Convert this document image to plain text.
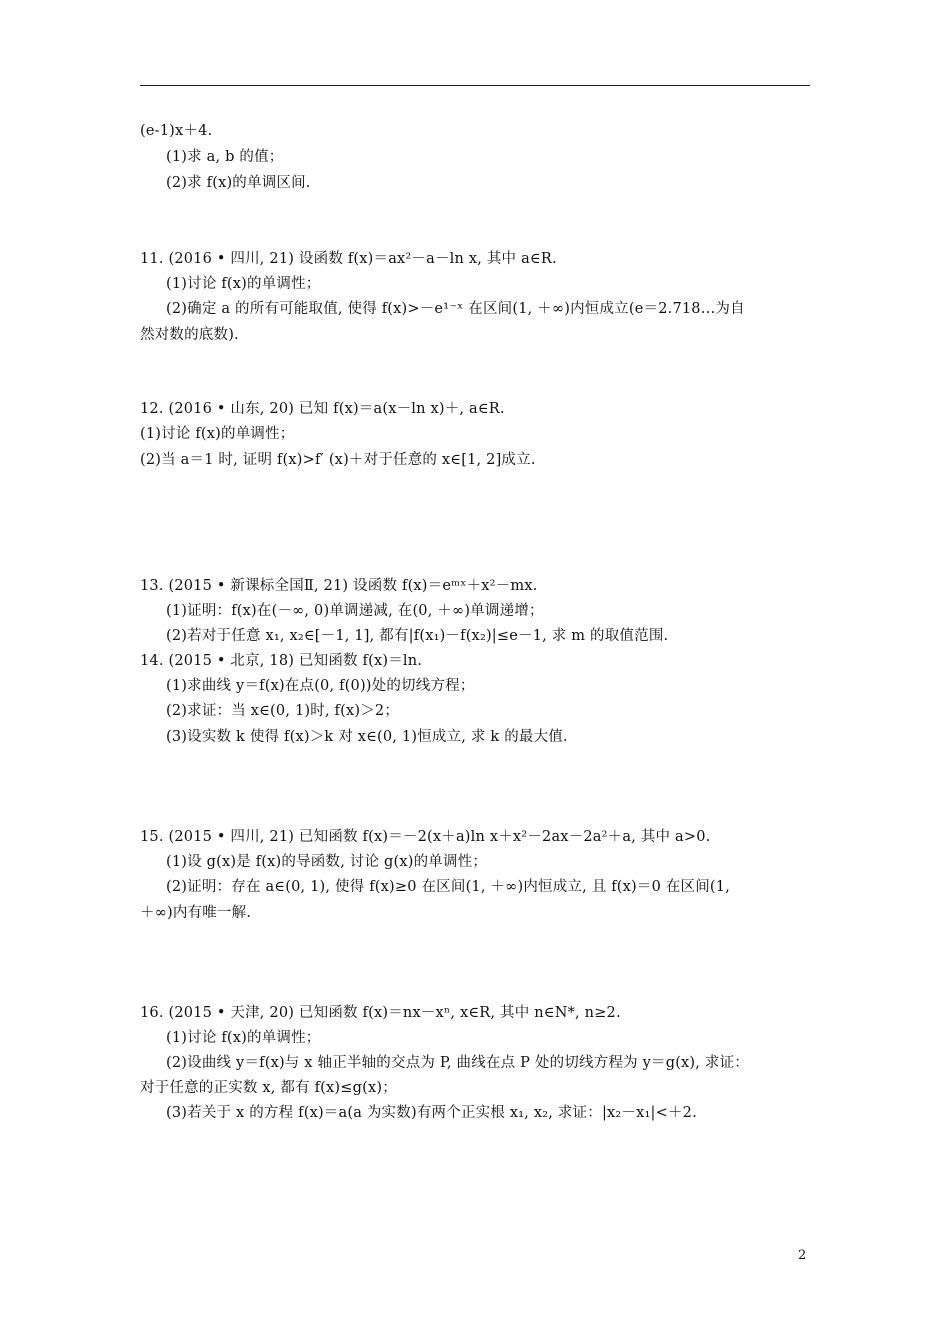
(e-1)x＋4.
(1)求 a, b 的值；
(2)求 f(x)的单调区间.
11. (2016 • 四川, 21) 设函数 f(x)＝ax²－a－ln x, 其中 a∈R.
(1)讨论 f(x)的单调性；
(2)确定 a 的所有可能取值, 使得 f(x)>－e¹⁻ˣ 在区间(1, ＋∞)内恒成立(e＝2.718…为自
然对数的底数).
12. (2016 • 山东, 20) 已知 f(x)＝a(x－ln x)＋, a∈R.
(1)讨论 f(x)的单调性；
(2)当 a＝1 时, 证明 f(x)>f′ (x)＋对于任意的 x∈[1, 2]成立.
13. (2015 • 新课标全国Ⅱ, 21) 设函数 f(x)＝eᵐˣ＋x²－mx.
(1)证明：f(x)在(－∞, 0)单调递减, 在(0, ＋∞)单调递增；
(2)若对于任意 x₁, x₂∈[－1, 1], 都有|f(x₁)－f(x₂)|≤e－1, 求 m 的取值范围.
14. (2015 • 北京, 18) 已知函数 f(x)＝ln.
(1)求曲线 y＝f(x)在点(0, f(0))处的切线方程；
(2)求证：当 x∈(0, 1)时, f(x)＞2；
(3)设实数 k 使得 f(x)＞k 对 x∈(0, 1)恒成立, 求 k 的最大值.
15. (2015 • 四川, 21) 已知函数 f(x)＝－2(x＋a)ln x＋x²－2ax－2a²＋a, 其中 a>0.
(1)设 g(x)是 f(x)的导函数, 讨论 g(x)的单调性；
(2)证明：存在 a∈(0, 1), 使得 f(x)≥0 在区间(1, ＋∞)内恒成立, 且 f(x)＝0 在区间(1,
＋∞)内有唯一解.
16. (2015 • 天津, 20) 已知函数 f(x)＝nx－xⁿ, x∈R, 其中 n∈N*, n≥2.
(1)讨论 f(x)的单调性；
(2)设曲线 y＝f(x)与 x 轴正半轴的交点为 P, 曲线在点 P 处的切线方程为 y＝g(x), 求证：
对于任意的正实数 x, 都有 f(x)≤g(x)；
(3)若关于 x 的方程 f(x)＝a(a 为实数)有两个正实根 x₁, x₂, 求证：|x₂－x₁|<＋2.
2
